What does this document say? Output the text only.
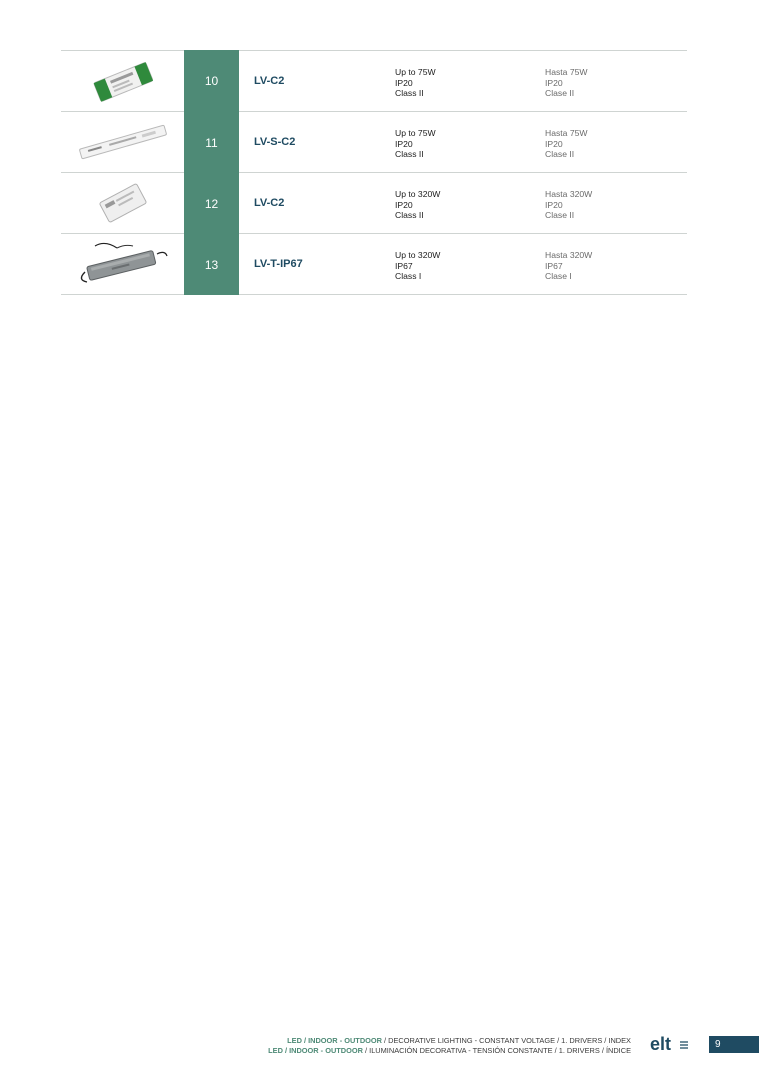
10	LV-C2
Up to 75W
IP20
Class II
Hasta 75W
IP20
Clase II
11	LV-S-C2
Up to 75W
IP20
Class II
Hasta 75W
IP20
Clase II
12	LV-C2
Up to 320W
IP20
Class II
Hasta 320W
IP20
Clase II
13	LV-T-IP67
Up to 320W
IP67
Class I
Hasta 320W
IP67
Clase I
LED / INDOOR - OUTDOOR / DECORATIVE LIGHTING - CONSTANT VOLTAGE / 1. DRIVERS / INDEX
LED / INDOOR - OUTDOOR / ILUMINACIÓN DECORATIVA - TENSIÓN CONSTANTE / 1. DRIVERS / ÍNDICE elt	9
